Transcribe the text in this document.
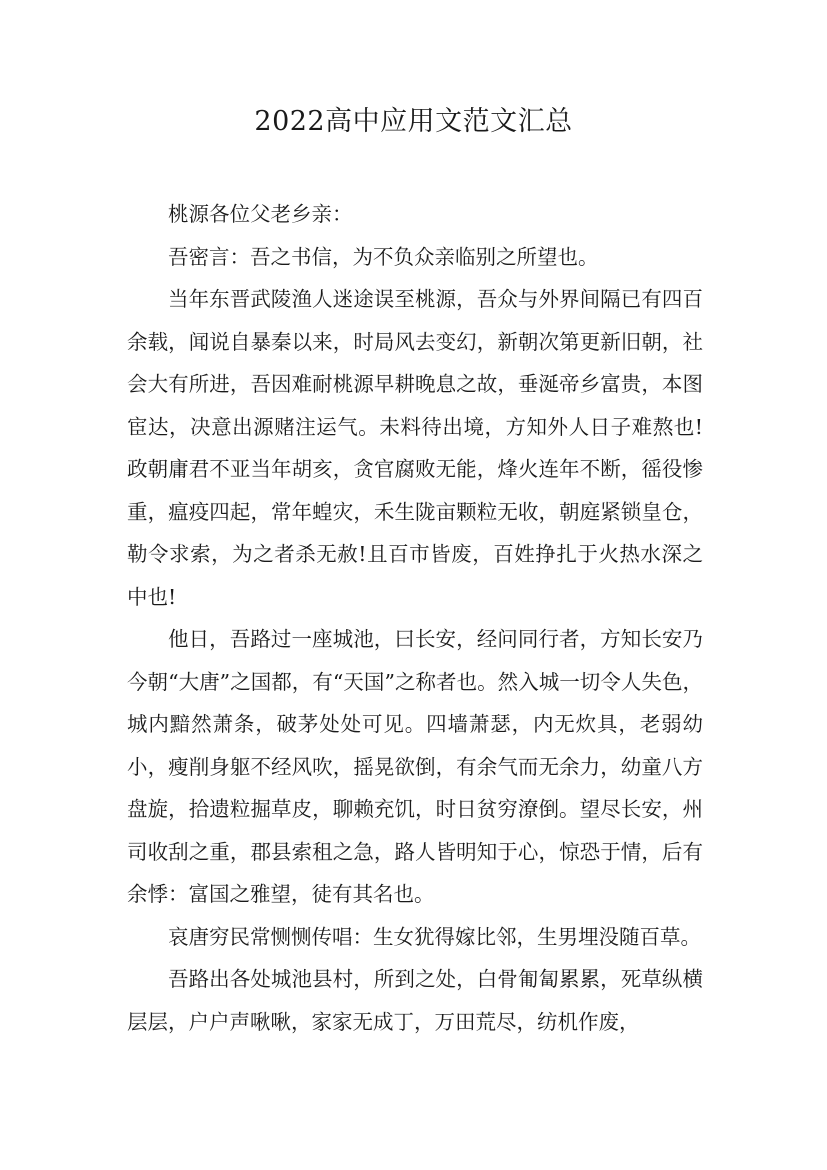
2022高中应用文范文汇总

桃源各位父老乡亲：

吾密言：吾之书信，为不负众亲临别之所望也。

当年东晋武陵渔人迷途误至桃源，吾众与外界间隔已有四百余载，闻说自暴秦以来，时局风去变幻，新朝次第更新旧朝，社会大有所进，吾因难耐桃源早耕晚息之故，垂涎帝乡富贵，本图宦达，决意出源赌注运气。未料待出境，方知外人日子难熬也!政朝庸君不亚当年胡亥，贪官腐败无能，烽火连年不断，徭役惨重，瘟疫四起，常年蝗灾，禾生陇亩颗粒无收，朝庭紧锁皇仓，勒令求索，为之者杀无赦!且百市皆废，百姓挣扎于火热水深之中也!

他日，吾路过一座城池，曰长安，经问同行者，方知长安乃今朝“大唐”之国都，有“天国”之称者也。然入城一切令人失色，城内黯然萧条，破茅处处可见。四墙萧瑟，内无炊具，老弱幼小，瘦削身躯不经风吹，摇晃欲倒，有余气而无余力，幼童八方盘旋，拾遗粒掘草皮，聊赖充饥，时日贫穷潦倒。望尽长安，州司收刮之重，郡县索租之急，路人皆明知于心，惊恐于情，后有余悸：富国之雅望，徒有其名也。

哀唐穷民常恻恻传唱：生女犹得嫁比邻，生男埋没随百草。

吾路出各处城池县村，所到之处，白骨匍匐累累，死草纵横层层，户户声啾啾，家家无成丁，万田荒尽，纺机作废，
